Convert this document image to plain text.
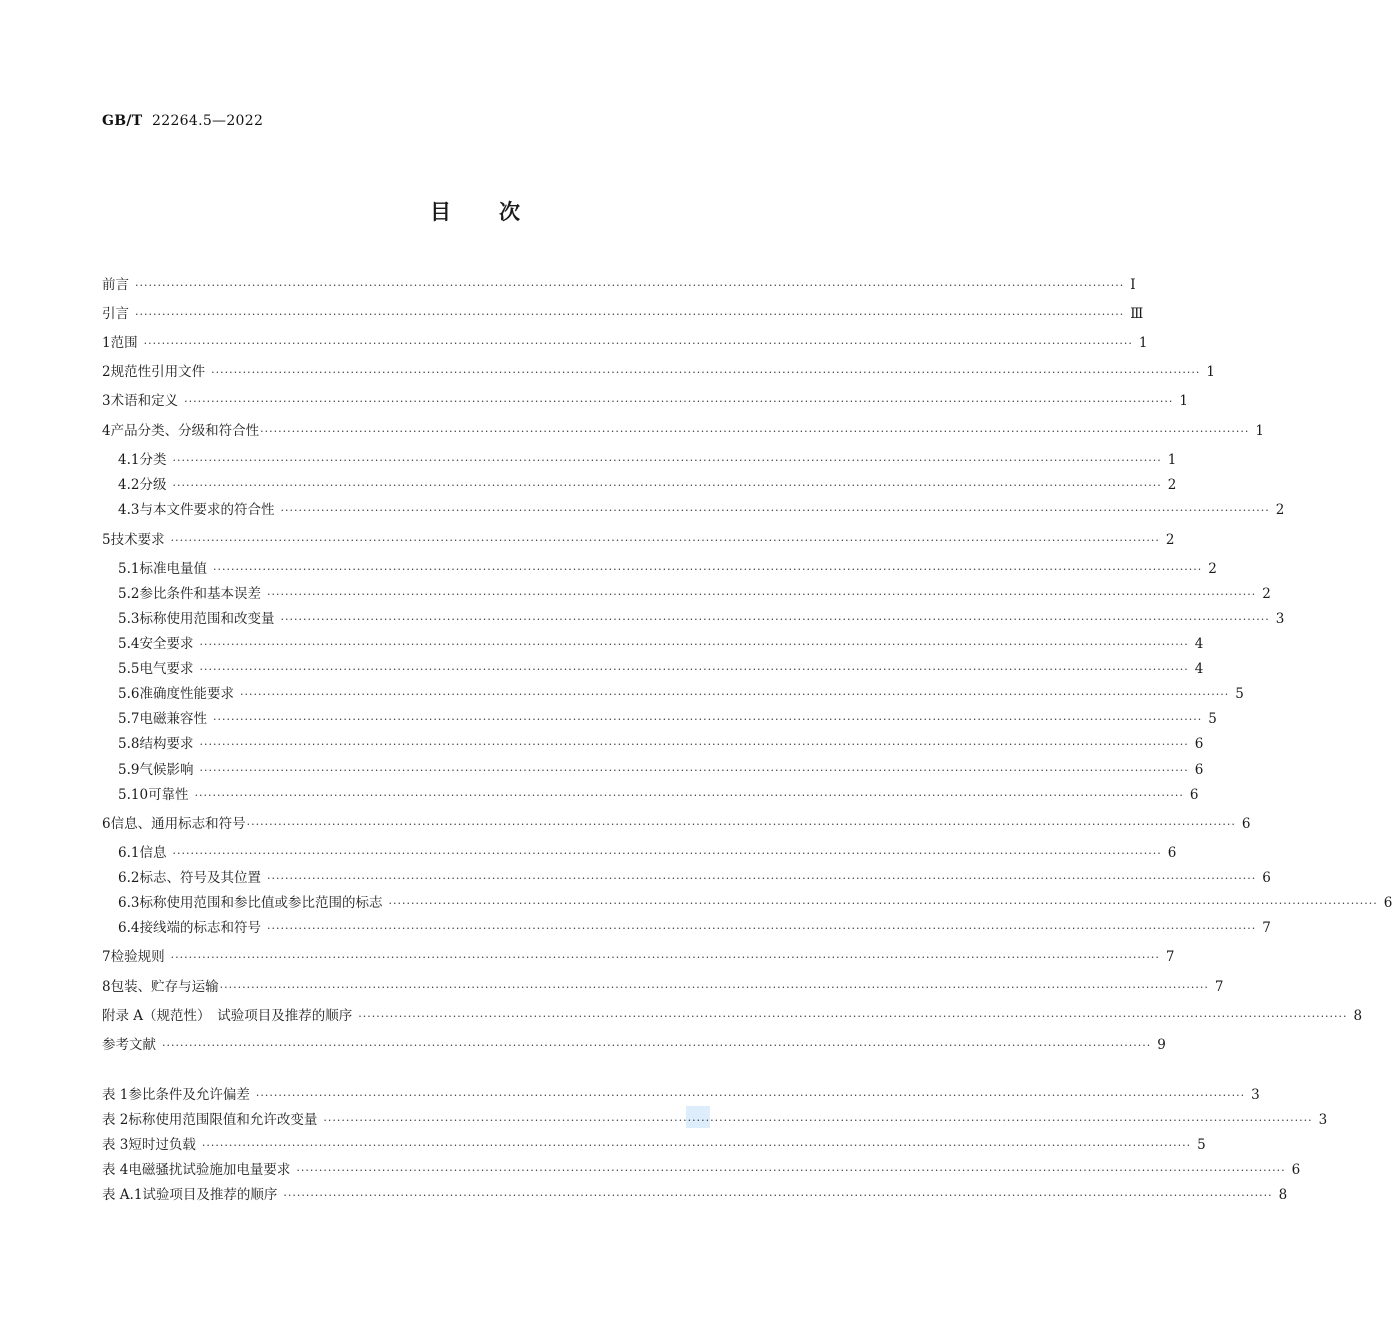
GB/T 22264.5—2022
目次
前言 ···························································································································································································································· Ⅰ
引言 ···························································································································································································································· Ⅲ
1 范围 ···························································································································································································································· 1
2 规范性引用文件 ···························································································································································································································· 1
3 术语和定义 ···························································································································································································································· 1
4 产品分类、分级和符合性 ···························································································································································································································· 1
4.1 分类 ···························································································································································································································· 1
4.2 分级 ···························································································································································································································· 2
4.3 与本文件要求的符合性 ···························································································································································································································· 2
5 技术要求 ···························································································································································································································· 2
5.1 标准电量值 ···························································································································································································································· 2
5.2 参比条件和基本误差 ···························································································································································································································· 2
5.3 标称使用范围和改变量 ···························································································································································································································· 3
5.4 安全要求 ···························································································································································································································· 4
5.5 电气要求 ···························································································································································································································· 4
5.6 准确度性能要求 ···························································································································································································································· 5
5.7 电磁兼容性 ···························································································································································································································· 5
5.8 结构要求 ···························································································································································································································· 6
5.9 气候影响 ···························································································································································································································· 6
5.10 可靠性 ···························································································································································································································· 6
6 信息、通用标志和符号 ···························································································································································································································· 6
6.1 信息 ···························································································································································································································· 6
6.2 标志、符号及其位置 ···························································································································································································································· 6
6.3 标称使用范围和参比值或参比范围的标志 ···························································································································································································································· 6
6.4 接线端的标志和符号 ···························································································································································································································· 7
7 检验规则 ···························································································································································································································· 7
8 包装、贮存与运输 ···························································································································································································································· 7
附录 A （规范性）　试验项目及推荐的顺序 ···························································································································································································································· 8
参考文献 ···························································································································································································································· 9
表 1 参比条件及允许偏差 ···························································································································································································································· 3
表 2 标称使用范围限值和允许改变量 ···························································································································································································································· 3
表 3 短时过负载 ···························································································································································································································· 5
表 4 电磁骚扰试验施加电量要求 ···························································································································································································································· 6
表 A.1 试验项目及推荐的顺序 ···························································································································································································································· 8
